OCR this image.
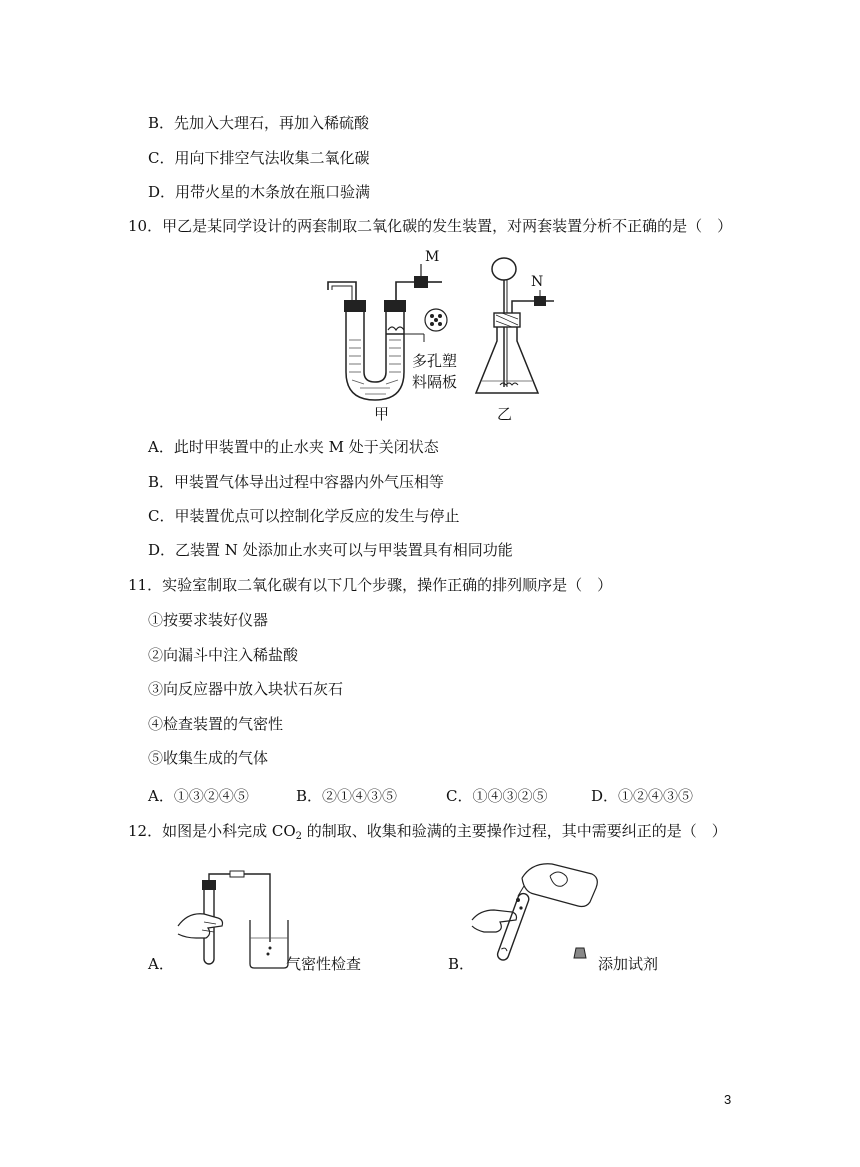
B．先加入大理石，再加入稀硫酸
C．用向下排空气法收集二氧化碳
D．用带火星的木条放在瓶口验满
10．甲乙是某同学设计的两套制取二氧化碳的发生装置，对两套装置分析不正确的是（　）
M
多孔塑
料隔板
甲
N
乙
A．此时甲装置中的止水夹 M 处于关闭状态
B．甲装置气体导出过程中容器内外气压相等
C．甲装置优点可以控制化学反应的发生与停止
D．乙装置 N 处添加止水夹可以与甲装置具有相同功能
11．实验室制取二氧化碳有以下几个步骤，操作正确的排列顺序是（　）
①按要求装好仪器
②向漏斗中注入稀盐酸
③向反应器中放入块状石灰石
④检查装置的气密性
⑤收集生成的气体
A．①③②④⑤	B．②①④③⑤	C．①④③②⑤	D．①②④③⑤
12．如图是小科完成 $CO_2$ 的制取、收集和验满的主要操作过程，其中需要纠正的是（　）
A．	气密性检查	B．	添加试剂
3
